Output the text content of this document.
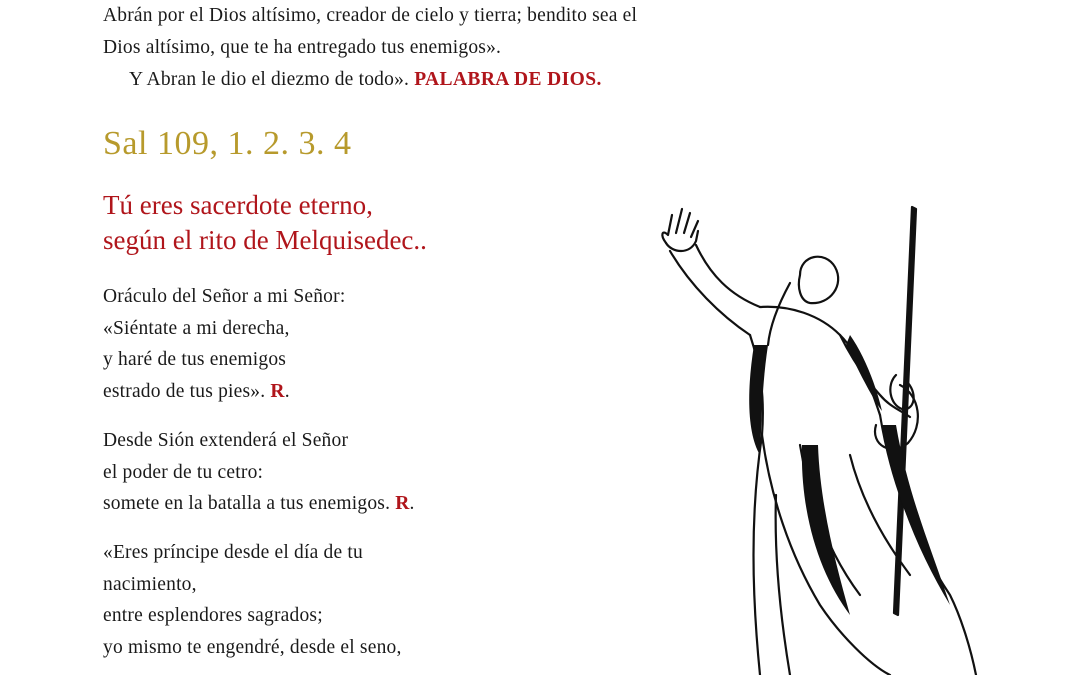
Abrán por el Dios altísimo, creador de cielo y tierra; bendito sea el
Dios altísimo, que te ha entregado tus enemigos».
Y Abran le dio el diezmo de todo». PALABRA DE DIOS.
Sal 109, 1. 2. 3. 4
Tú eres sacerdote eterno,
según el rito de Melquisedec..
Oráculo del Señor a mi Señor:
«Siéntate a mi derecha,
y haré de tus enemigos
estrado de tus pies». R.
Desde Sión extenderá el Señor
el poder de tu cetro:
somete en la batalla a tus enemigos. R.
«Eres príncipe desde el día de tu
nacimiento,
entre esplendores sagrados;
yo mismo te engendré, desde el seno,
